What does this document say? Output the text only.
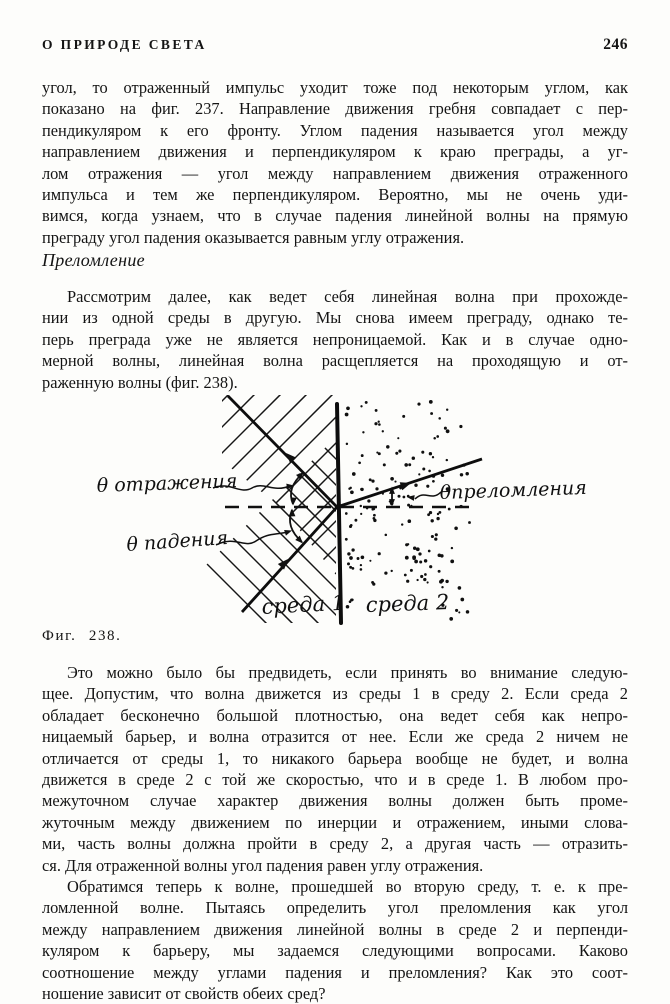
О ПРИРОДЕ СВЕТА	246
угол, то отраженный импульс уходит тоже под некоторым углом, как
показано на фиг. 237. Направление движения гребня совпадает с пер-
пендикуляром к его фронту. Углом падения называется угол между
направлением движения и перпендикуляром к краю преграды, а уг-
лом отражения — угол между направлением движения отраженного
импульса и тем же перпендикуляром. Вероятно, мы не очень уди-
вимся, когда узнаем, что в случае падения линейной волны на прямую
преграду угол падения оказывается равным углу отражения.
Преломление
Рассмотрим далее, как ведет себя линейная волна при прохожде-
нии из одной среды в другую. Мы снова имеем преграду, однако те-
перь преграда уже не является непроницаемой. Как и в случае одно-
мерной волны, линейная волна расщепляется на проходящую и от-
раженную волны (фиг. 238).
θ отражения
θ падения
θпреломления
среда 1 среда 2
Фиг. 238.
Это можно было бы предвидеть, если принять во внимание следую-
щее. Допустим, что волна движется из среды 1 в среду 2. Если среда 2
обладает бесконечно большой плотностью, она ведет себя как непро-
ницаемый барьер, и волна отразится от нее. Если же среда 2 ничем не
отличается от среды 1, то никакого барьера вообще не будет, и волна
движется в среде 2 с той же скоростью, что и в среде 1. В любом про-
межуточном случае характер движения волны должен быть проме-
жуточным между движением по инерции и отражением, иными слова-
ми, часть волны должна пройти в среду 2, а другая часть — отразить-
ся. Для отраженной волны угол падения равен углу отражения.
Обратимся теперь к волне, прошедшей во вторую среду, т. е. к пре-
ломленной волне. Пытаясь определить угол преломления как угол
между направлением движения линейной волны в среде 2 и перпенди-
куляром к барьеру, мы задаемся следующими вопросами. Каково
соотношение между углами падения и преломления? Как это соот-
ношение зависит от свойств обеих сред?
